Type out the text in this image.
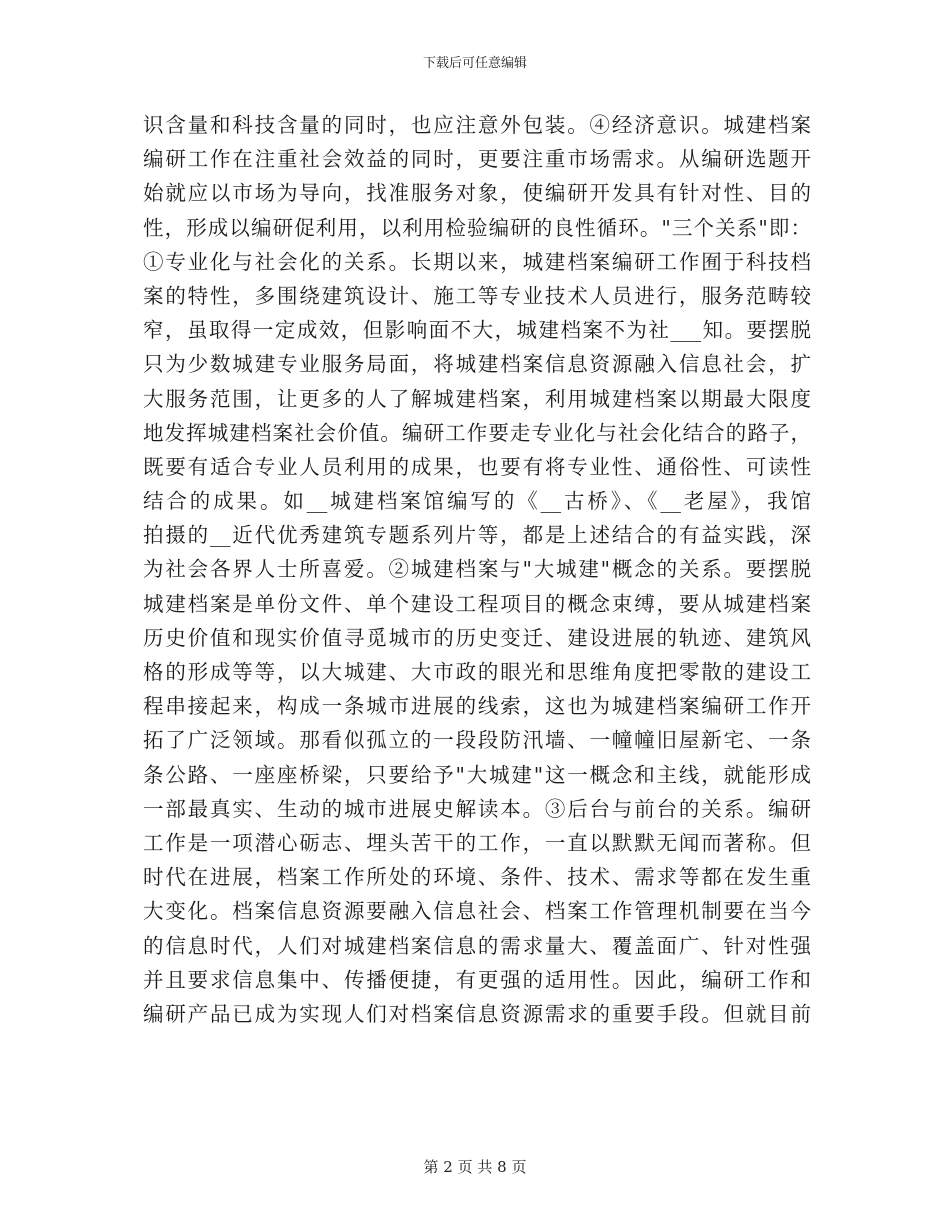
下载后可任意编辑
识含量和科技含量的同时，也应注意外包装。④经济意识。城建档案
编研工作在注重社会效益的同时，更要注重市场需求。从编研选题开
始就应以市场为导向，找准服务对象，使编研开发具有针对性、目的
性，形成以编研促利用，以利用检验编研的良性循环。"三个关系"即：
①专业化与社会化的关系。长期以来，城建档案编研工作囿于科技档
案的特性，多围绕建筑设计、施工等专业技术人员进行，服务范畴较
窄，虽取得一定成效，但影响面不大，城建档案不为社___知。要摆脱
只为少数城建专业服务局面，将城建档案信息资源融入信息社会，扩
大服务范围，让更多的人了解城建档案，利用城建档案以期最大限度
地发挥城建档案社会价值。编研工作要走专业化与社会化结合的路子，
既要有适合专业人员利用的成果，也要有将专业性、通俗性、可读性
结合的成果。如__城建档案馆编写的《__古桥》、《__老屋》，我馆
拍摄的__近代优秀建筑专题系列片等，都是上述结合的有益实践，深
为社会各界人士所喜爱。②城建档案与"大城建"概念的关系。要摆脱
城建档案是单份文件、单个建设工程项目的概念束缚，要从城建档案
历史价值和现实价值寻觅城市的历史变迁、建设进展的轨迹、建筑风
格的形成等等，以大城建、大市政的眼光和思维角度把零散的建设工
程串接起来，构成一条城市进展的线索，这也为城建档案编研工作开
拓了广泛领域。那看似孤立的一段段防汛墙、一幢幢旧屋新宅、一条
条公路、一座座桥梁，只要给予"大城建"这一概念和主线，就能形成
一部最真实、生动的城市进展史解读本。③后台与前台的关系。编研
工作是一项潜心砺志、埋头苦干的工作，一直以默默无闻而著称。但
时代在进展，档案工作所处的环境、条件、技术、需求等都在发生重
大变化。档案信息资源要融入信息社会、档案工作管理机制要在当今
的信息时代，人们对城建档案信息的需求量大、覆盖面广、针对性强
并且要求信息集中、传播便捷，有更强的适用性。因此，编研工作和
编研产品已成为实现人们对档案信息资源需求的重要手段。但就目前
第 2 页 共 8 页
